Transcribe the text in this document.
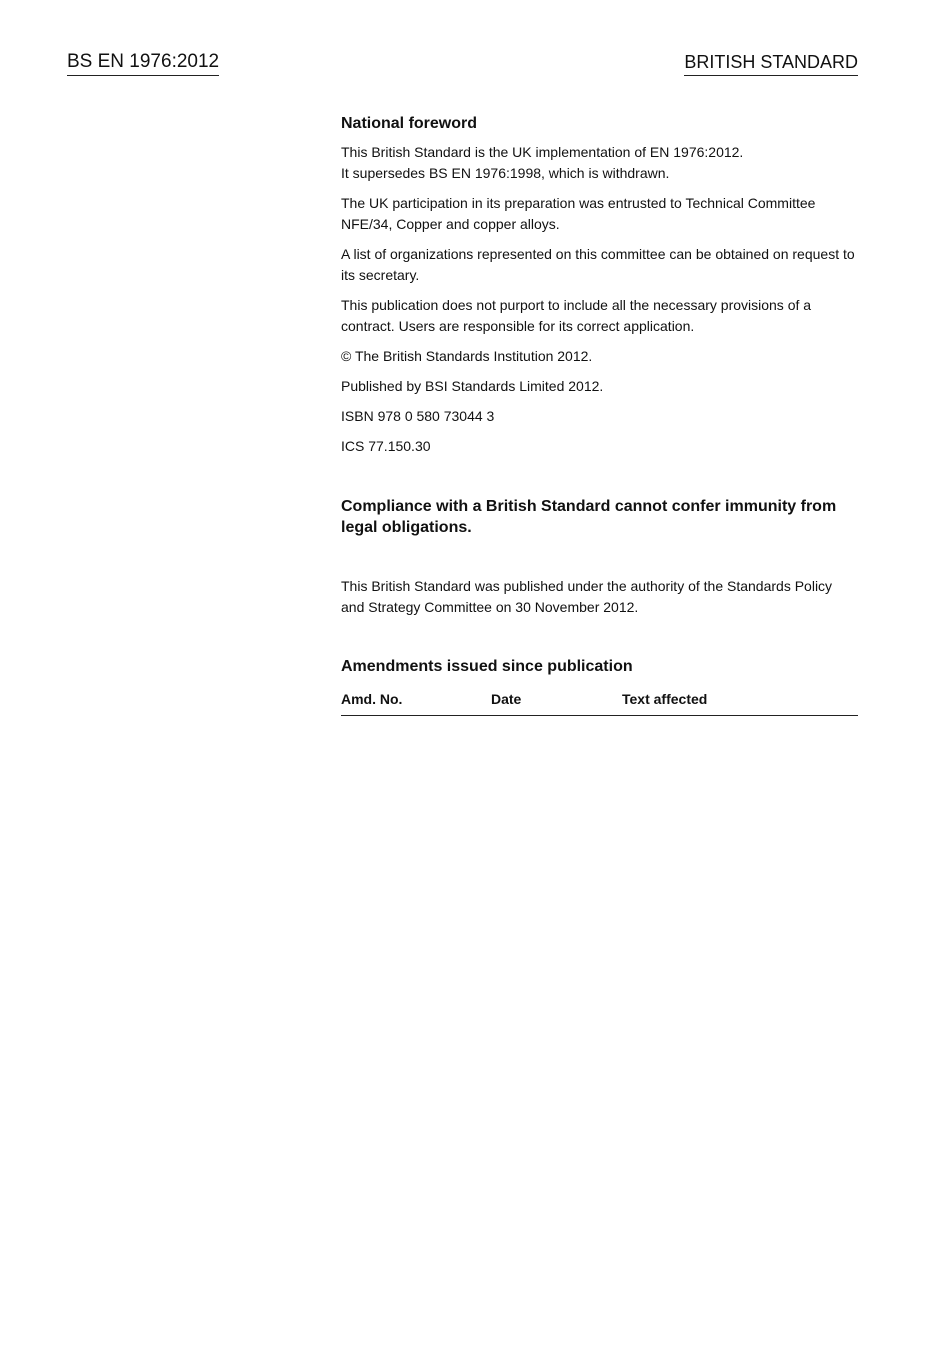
BS EN 1976:2012	BRITISH STANDARD
National foreword
This British Standard is the UK implementation of EN 1976:2012.
It supersedes BS EN 1976:1998, which is withdrawn.
The UK participation in its preparation was entrusted to Technical Committee NFE/34, Copper and copper alloys.
A list of organizations represented on this committee can be obtained on request to its secretary.
This publication does not purport to include all the necessary provisions of a contract. Users are responsible for its correct application.
© The British Standards Institution 2012.
Published by BSI Standards Limited 2012.
ISBN 978 0 580 73044 3
ICS 77.150.30
Compliance with a British Standard cannot confer immunity from legal obligations.
This British Standard was published under the authority of the Standards Policy and Strategy Committee on 30 November 2012.
Amendments issued since publication
Amd. No.	Date	Text affected
